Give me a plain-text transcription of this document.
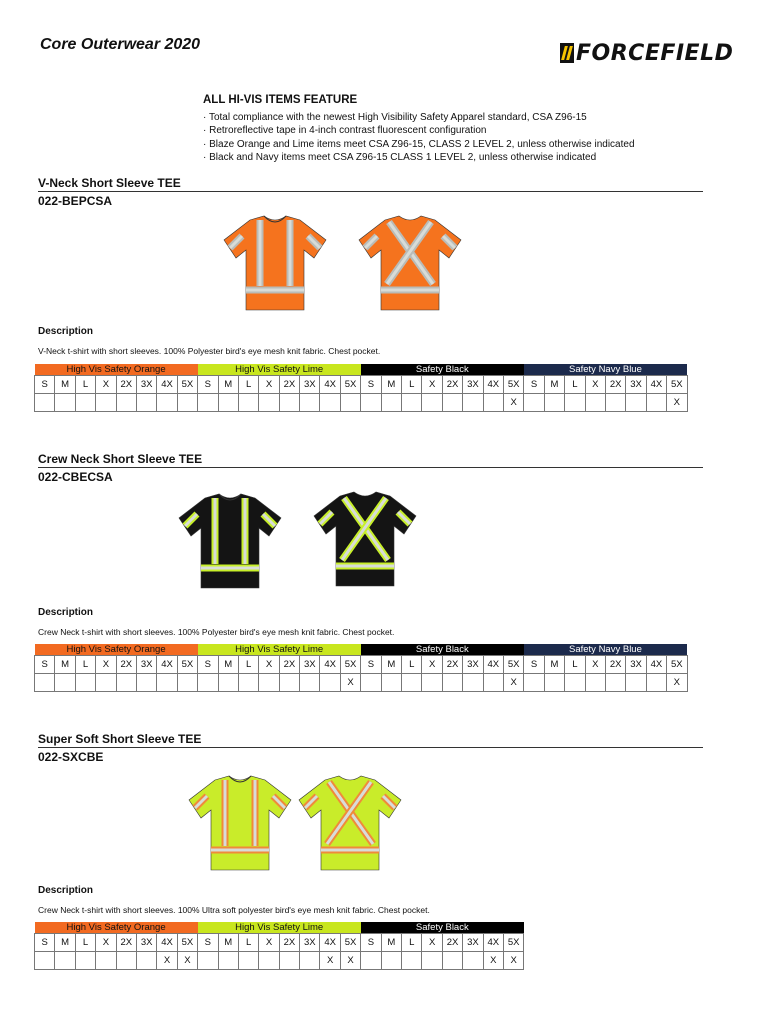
Core Outerwear 2020	FORCEFIELD
ALL HI-VIS ITEMS FEATURE
· Total compliance with the newest High Visibility Safety Apparel standard, CSA Z96-15
· Retroreflective tape in 4-inch contrast fluorescent configuration
· Blaze Orange and Lime items meet CSA Z96-15, CLASS 2 LEVEL 2, unless otherwise indicated
· Black and Navy items meet CSA Z96-15 CLASS 1 LEVEL 2, unless otherwise indicated
V-Neck Short Sleeve TEE
022-BEPCSA
Description
V-Neck t-shirt with short sleeves. 100% Polyester bird's eye mesh knit fabric. Chest pocket.
High Vis Safety Orange								High Vis Safety Lime								Safety Black								Safety Navy Blue							
S	M	L	X	2X	3X	4X	5X	S	M	L	X	2X	3X	4X	5X	S	M	L	X	2X	3X	4X	5X	S	M	L	X	2X	3X	4X	5X
																							X								X
Crew Neck Short Sleeve TEE
022-CBECSA
Description
Crew Neck t-shirt with short sleeves. 100% Polyester bird's eye mesh knit fabric. Chest pocket.
High Vis Safety Orange								High Vis Safety Lime								Safety Black								Safety Navy Blue							
S	M	L	X	2X	3X	4X	5X	S	M	L	X	2X	3X	4X	5X	S	M	L	X	2X	3X	4X	5X	S	M	L	X	2X	3X	4X	5X
															X								X								X
Super Soft Short Sleeve TEE
022-SXCBE
Description
Crew Neck t-shirt with short sleeves. 100% Ultra soft polyester bird's eye mesh knit fabric. Chest pocket.
High Vis Safety Orange								High Vis Safety Lime								Safety Black							
S	M	L	X	2X	3X	4X	5X	S	M	L	X	2X	3X	4X	5X	S	M	L	X	2X	3X	4X	5X
						X	X							X	X							X	X
